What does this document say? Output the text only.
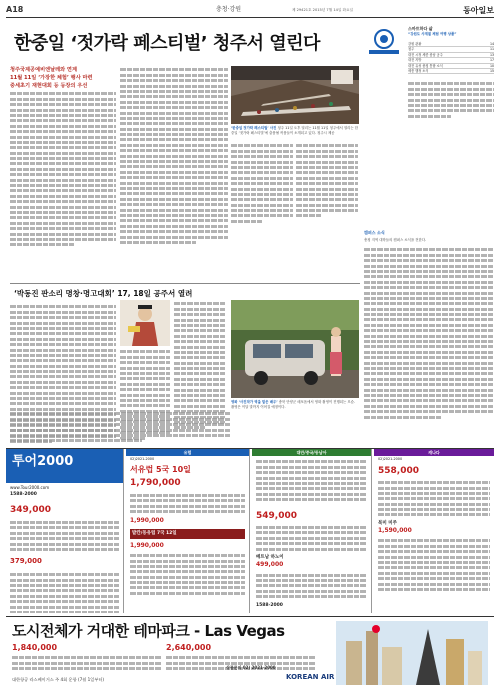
A18	충청·강원	제 29421호 2015년 7월 14일 화요일	동아일보
한중일 ‘젓가락 페스티벌’ 청주서 열린다
청주국제공예비엔날레와 연계
11월 11일 ‘가장한 체험’ 행사 마련
중세초기 재현대회 등 등장의 우선
‘한중일 젓가락 페스티벌’ 사진 청주 11일 오후 열리는 11월 11일 청주에서 열리는 한중일 ‘젓가락 페스티벌’에 출품될 작품들이 소개되고 있다. 청주시 제공
스마트하다 삶
“강원도 사계절 체험 여행 상품”
강원 관광	14
청주	11
대전 시정 세종 충남 공주	13
대전 지방	17
대전 유성 충청 통합 소식	10
세종 행정 소식	15
캠퍼스 소식
충청 지역 대학들의 캠퍼스 소식을 전한다.
‘박동진 판소리 명창·명고대회’ 17, 18일 공주서 열려
영화 ‘사진작가 역을 맡은 배우’ 충북 단양군 매포읍에서 영화 촬영이 진행되는 모습. 촬영은 이달 말까지 이어질 예정이다.
투어2000
www.Tour2000.com
1588-2000
349,000
379,000
유럽
02)2021-2000
서유럽 5국 10일
1,790,000
1,990,000
발칸/동유럽 7국 12일
1,990,000
대만/중국/동남아
549,000
베트남 하노이
499,000
1588-2000
캐나다
02)2021-2000
558,000
북미 미주
1,590,000
도시전체가 거대한 테마파크 - Las Vegas
1,840,000	2,640,000
상품문의 02) 2021-2000
대한항공 라스베이거스 주 4회 운항 (7월 1일부터)	KOREAN AIR
